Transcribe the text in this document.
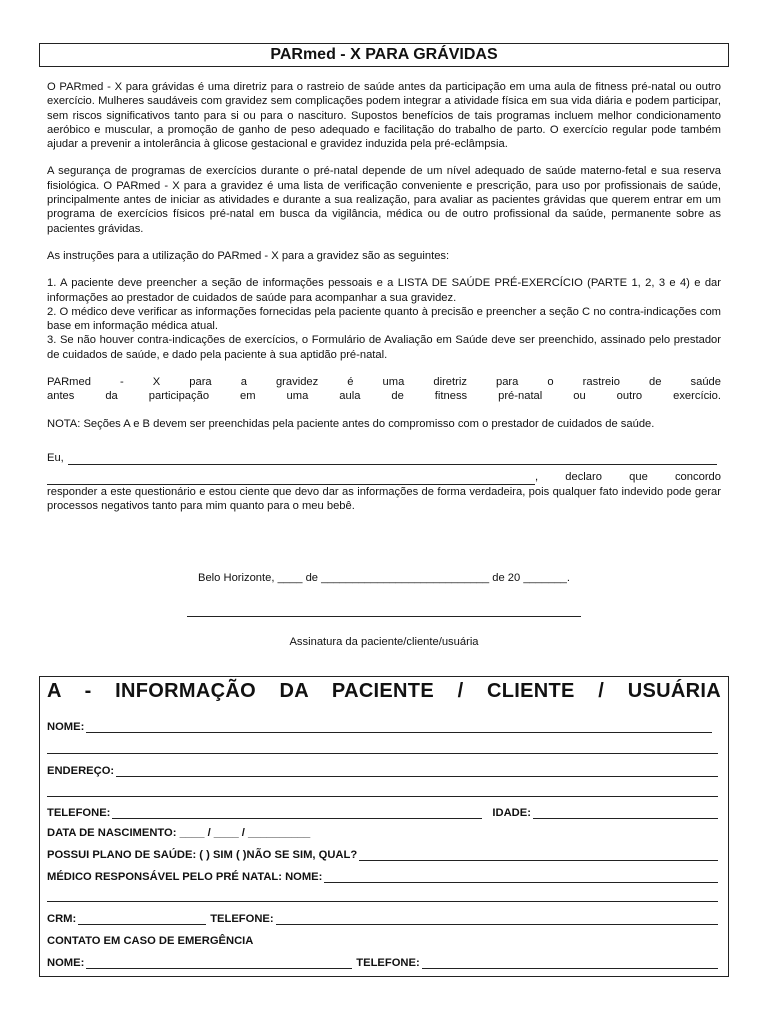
PARmed - X PARA GRÁVIDAS

O PARmed - X para grávidas é uma diretriz para o rastreio de saúde antes da participação em uma aula de fitness pré-natal ou outro exercício. Mulheres saudáveis com gravidez sem complicações podem integrar a atividade física em sua vida diária e podem participar, sem riscos significativos tanto para si ou para o nascituro. Supostos benefícios de tais programas incluem melhor condicionamento aeróbico e muscular, a promoção de ganho de peso adequado e facilitação do trabalho de parto. O exercício regular pode também ajudar a prevenir a intolerância à glicose gestacional e gravidez induzida pela pré-eclâmpsia.

A segurança de programas de exercícios durante o pré-natal depende de um nível adequado de saúde materno-fetal e sua reserva fisiológica. O PARmed - X para a gravidez é uma lista de verificação conveniente e prescrição, para uso por profissionais de saúde, principalmente antes de iniciar as atividades e durante a sua realização, para avaliar as pacientes grávidas que querem entrar em um programa de exercícios físicos pré-natal em busca da vigilância, médica ou de outro profissional da saúde, permanente sobre as pacientes grávidas.

As instruções para a utilização do PARmed - X para a gravidez são as seguintes:

1. A paciente deve preencher a seção de informações pessoais e a LISTA DE SAÚDE PRÉ-EXERCÍCIO (PARTE 1, 2, 3 e 4) e dar informações ao prestador de cuidados de saúde para acompanhar a sua gravidez.

2. O médico deve verificar as informações fornecidas pela paciente quanto à precisão e preencher a seção C no contra-indicações com base em informação médica atual.

3. Se não houver contra-indicações de exercícios, o Formulário de Avaliação em Saúde deve ser preenchido, assinado pelo prestador de cuidados de saúde, e dado pela paciente à sua aptidão pré-natal.

PARmed - X para a gravidez é uma diretriz para o rastreio de saúde

antes da participação em uma aula de fitness pré-natal ou outro exercício.

NOTA: Seções A e B devem ser preenchidas pela paciente antes do compromisso com o prestador de cuidados de saúde.

Eu,
, declaro que concordo

responder a este questionário e estou ciente que devo dar as informações de forma verdadeira, pois qualquer fato indevido pode gerar processos negativos tanto para mim quanto para o meu bebê.

Belo Horizonte, ____ de ___________________________ de 20 _______.
Assinatura da paciente/cliente/usuária
A - INFORMAÇÃO DA PACIENTE / CLIENTE / USUÁRIA
NOME:
ENDEREÇO:
TELEFONE:	IDADE:
DATA DE NASCIMENTO: ____ / ____ / __________
POSSUI PLANO DE SAÚDE: ( ) SIM ( )NÃO SE SIM, QUAL?
MÉDICO RESPONSÁVEL PELO PRÉ NATAL: NOME:
CRM:	TELEFONE:
CONTATO EM CASO DE EMERGÊNCIA
NOME:	TELEFONE:
